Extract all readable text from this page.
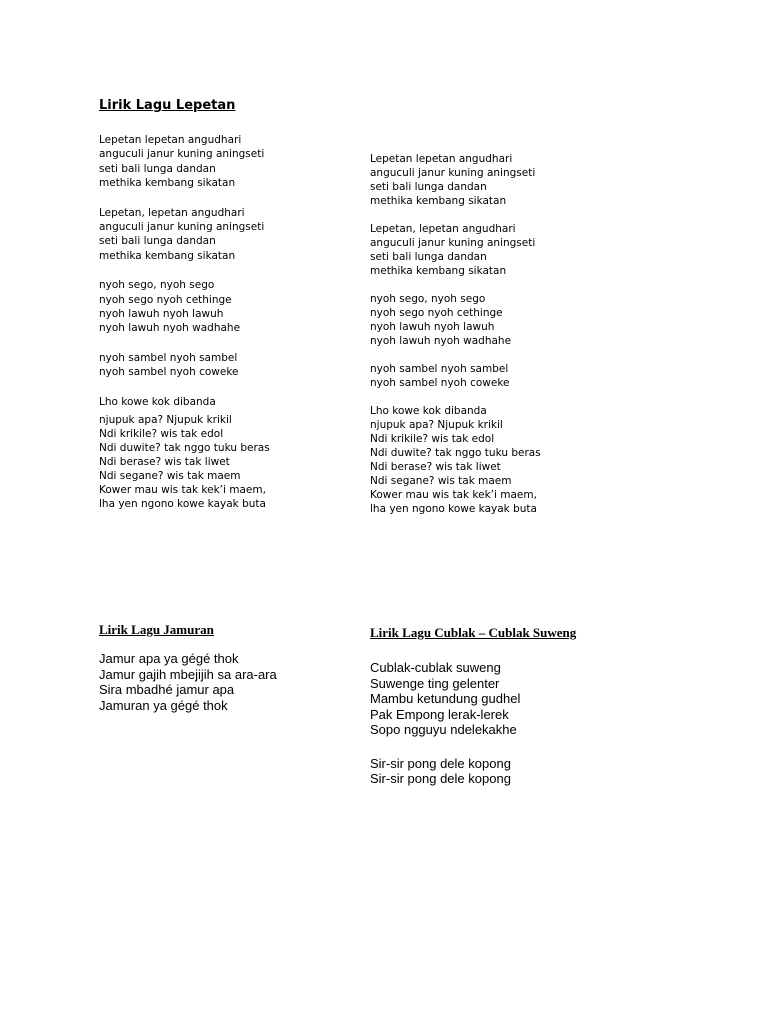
Lirik Lagu Lepetan
Lepetan lepetan angudhari
anguculi janur kuning aningseti
seti bali lunga dandan
methika kembang sikatan
Lepetan, lepetan angudhari
anguculi janur kuning aningseti
seti bali lunga dandan
methika kembang sikatan
nyoh sego, nyoh sego
nyoh sego nyoh cethinge
nyoh lawuh nyoh lawuh
nyoh lawuh nyoh wadhahe
nyoh sambel nyoh sambel
nyoh sambel nyoh coweke
Lho kowe kok dibanda
njupuk apa? Njupuk krikil
Ndi krikile? wis tak edol
Ndi duwite? tak nggo tuku beras
Ndi berase? wis tak liwet
Ndi segane? wis tak maem
Kower mau wis tak kek’i maem,
lha yen ngono kowe kayak buta
Lepetan lepetan angudhari
anguculi janur kuning aningseti
seti bali lunga dandan
methika kembang sikatan
Lepetan, lepetan angudhari
anguculi janur kuning aningseti
seti bali lunga dandan
methika kembang sikatan
nyoh sego, nyoh sego
nyoh sego nyoh cethinge
nyoh lawuh nyoh lawuh
nyoh lawuh nyoh wadhahe
nyoh sambel nyoh sambel
nyoh sambel nyoh coweke
Lho kowe kok dibanda
njupuk apa? Njupuk krikil
Ndi krikile? wis tak edol
Ndi duwite? tak nggo tuku beras
Ndi berase? wis tak liwet
Ndi segane? wis tak maem
Kower mau wis tak kek’i maem,
lha yen ngono kowe kayak buta
Lirik Lagu Jamuran
Jamur apa ya gégé thok
Jamur gajih mbejijih sa ara-ara
Sira mbadhé jamur apa
Jamuran ya gégé thok
Lirik Lagu Cublak – Cublak Suweng
Cublak-cublak suweng
Suwenge ting gelenter
Mambu ketundung gudhel
Pak Empong lerak-lerek
Sopo ngguyu ndelekakhe
Sir-sir pong dele kopong
Sir-sir pong dele kopong
